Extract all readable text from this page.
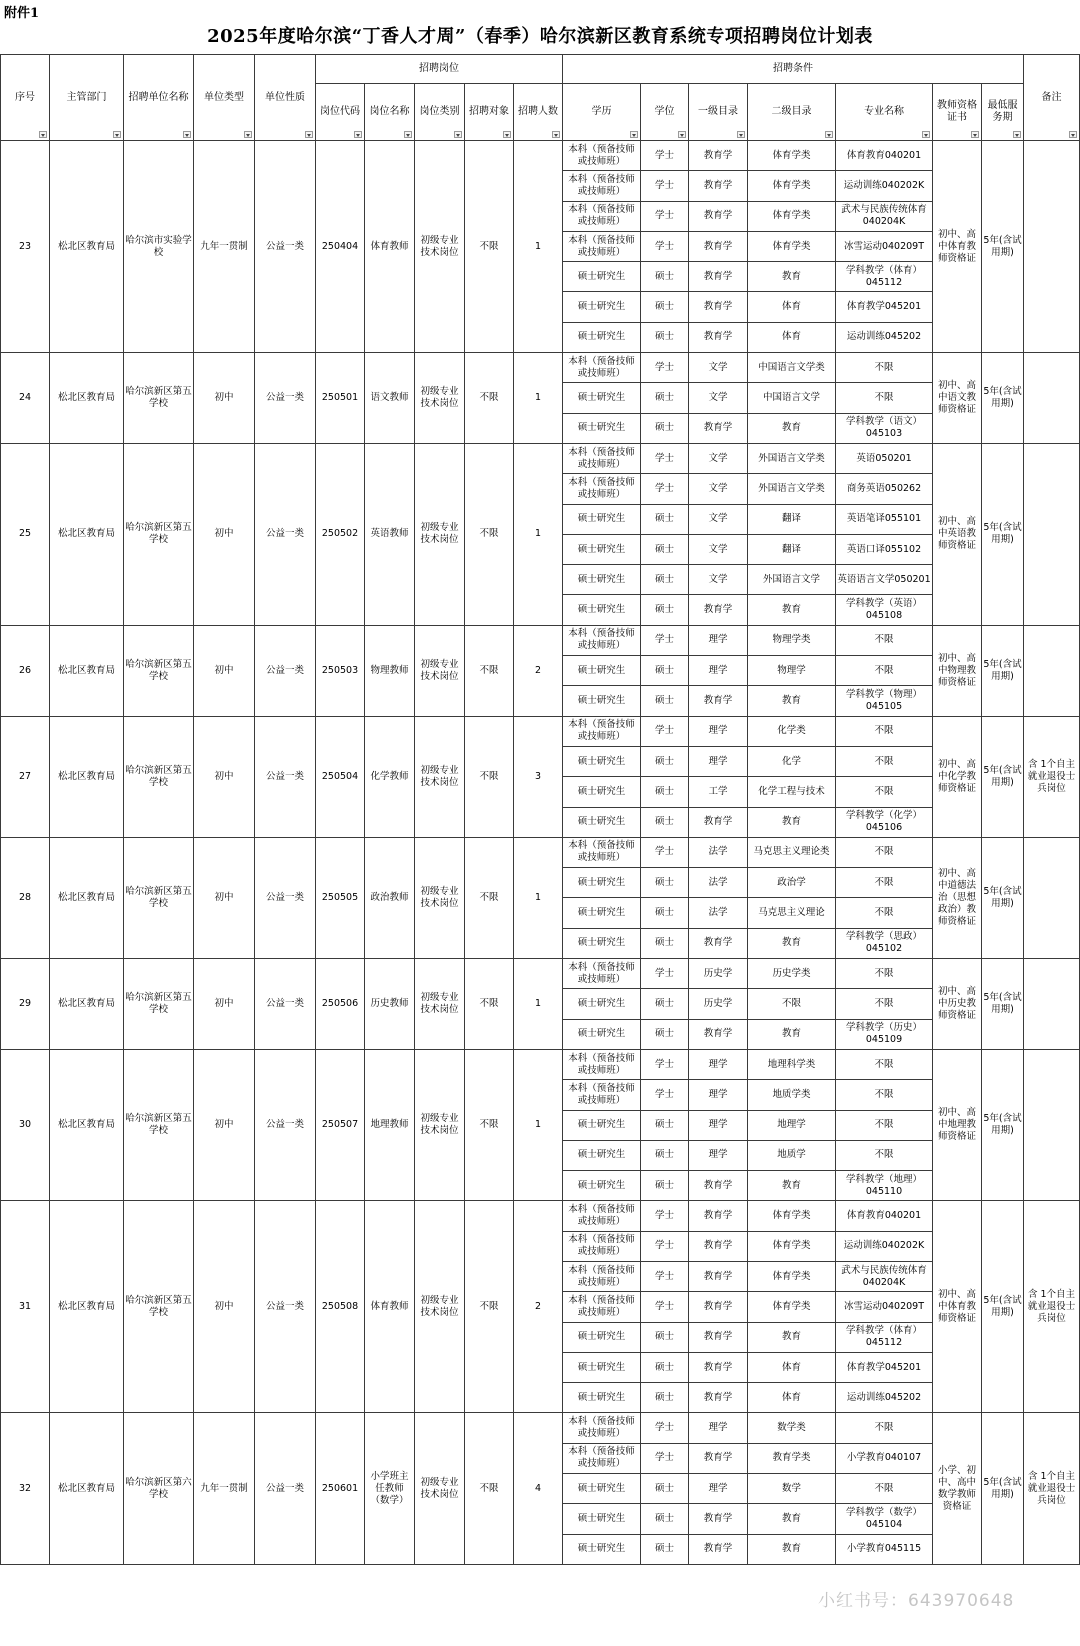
附件1
2025年度哈尔滨“丁香人才周”（春季）哈尔滨新区教育系统专项招聘岗位计划表
序号	主管部门	招聘单位名称	单位类型	单位性质	招聘岗位					招聘条件							备注

					岗位代码	岗位名称	岗位类别	招聘对象	招聘人数	学历	学位	一级目录	二级目录	专业名称	教师资格证书	最低服务期	

23	松北区教育局	哈尔滨市实验学校	九年一贯制	公益一类	250404	体育教师	初级专业技术岗位	不限	1	本科（预备技师或技师班）	学士	教育学	体育学类	体育教育040201	初中、高中体育教师资格证	5年(含试用期)	
										本科（预备技师或技师班）	学士	教育学	体育学类	运动训练040202K			
										本科（预备技师或技师班）	学士	教育学	体育学类	武术与民族传统体育040204K			
										本科（预备技师或技师班）	学士	教育学	体育学类	冰雪运动040209T			
										硕士研究生	硕士	教育学	教育	学科教学（体育）045112			
										硕士研究生	硕士	教育学	体育	体育教学045201			
										硕士研究生	硕士	教育学	体育	运动训练045202			
24	松北区教育局	哈尔滨新区第五学校	初中	公益一类	250501	语文教师	初级专业技术岗位	不限	1	本科（预备技师或技师班）	学士	文学	中国语言文学类	不限	初中、高中语文教师资格证	5年(含试用期)	
										硕士研究生	硕士	文学	中国语言文学	不限			
										硕士研究生	硕士	教育学	教育	学科教学（语文）045103			
25	松北区教育局	哈尔滨新区第五学校	初中	公益一类	250502	英语教师	初级专业技术岗位	不限	1	本科（预备技师或技师班）	学士	文学	外国语言文学类	英语050201	初中、高中英语教师资格证	5年(含试用期)	
										本科（预备技师或技师班）	学士	文学	外国语言文学类	商务英语050262			
										硕士研究生	硕士	文学	翻译	英语笔译055101			
										硕士研究生	硕士	文学	翻译	英语口译055102			
										硕士研究生	硕士	文学	外国语言文学	英语语言文学050201			
										硕士研究生	硕士	教育学	教育	学科教学（英语）045108			
26	松北区教育局	哈尔滨新区第五学校	初中	公益一类	250503	物理教师	初级专业技术岗位	不限	2	本科（预备技师或技师班）	学士	理学	物理学类	不限	初中、高中物理教师资格证	5年(含试用期)	
										硕士研究生	硕士	理学	物理学	不限			
										硕士研究生	硕士	教育学	教育	学科教学（物理）045105			
27	松北区教育局	哈尔滨新区第五学校	初中	公益一类	250504	化学教师	初级专业技术岗位	不限	3	本科（预备技师或技师班）	学士	理学	化学类	不限	初中、高中化学教师资格证	5年(含试用期)	含 1个自主就业退役士兵岗位
										硕士研究生	硕士	理学	化学	不限			
										硕士研究生	硕士	工学	化学工程与技术	不限			
										硕士研究生	硕士	教育学	教育	学科教学（化学）045106			
28	松北区教育局	哈尔滨新区第五学校	初中	公益一类	250505	政治教师	初级专业技术岗位	不限	1	本科（预备技师或技师班）	学士	法学	马克思主义理论类	不限	初中、高中道德法治（思想政治）教师资格证	5年(含试用期)	
										硕士研究生	硕士	法学	政治学	不限			
										硕士研究生	硕士	法学	马克思主义理论	不限			
										硕士研究生	硕士	教育学	教育	学科教学（思政）045102			
29	松北区教育局	哈尔滨新区第五学校	初中	公益一类	250506	历史教师	初级专业技术岗位	不限	1	本科（预备技师或技师班）	学士	历史学	历史学类	不限	初中、高中历史教师资格证	5年(含试用期)	
										硕士研究生	硕士	历史学	不限	不限			
										硕士研究生	硕士	教育学	教育	学科教学（历史）045109			
30	松北区教育局	哈尔滨新区第五学校	初中	公益一类	250507	地理教师	初级专业技术岗位	不限	1	本科（预备技师或技师班）	学士	理学	地理科学类	不限	初中、高中地理教师资格证	5年(含试用期)	
										本科（预备技师或技师班）	学士	理学	地质学类	不限			
										硕士研究生	硕士	理学	地理学	不限			
										硕士研究生	硕士	理学	地质学	不限			
										硕士研究生	硕士	教育学	教育	学科教学（地理）045110			
31	松北区教育局	哈尔滨新区第五学校	初中	公益一类	250508	体育教师	初级专业技术岗位	不限	2	本科（预备技师或技师班）	学士	教育学	体育学类	体育教育040201	初中、高中体育教师资格证	5年(含试用期)	含 1个自主就业退役士兵岗位
										本科（预备技师或技师班）	学士	教育学	体育学类	运动训练040202K			
										本科（预备技师或技师班）	学士	教育学	体育学类	武术与民族传统体育040204K			
										本科（预备技师或技师班）	学士	教育学	体育学类	冰雪运动040209T			
										硕士研究生	硕士	教育学	教育	学科教学（体育）045112			
										硕士研究生	硕士	教育学	体育	体育教学045201			
										硕士研究生	硕士	教育学	体育	运动训练045202			
32	松北区教育局	哈尔滨新区第六学校	九年一贯制	公益一类	250601	小学班主任教师（数学）	初级专业技术岗位	不限	4	本科（预备技师或技师班）	学士	理学	数学类	不限	小学、初中、高中数学教师资格证	5年(含试用期)	含 1个自主就业退役士兵岗位
										本科（预备技师或技师班）	学士	教育学	教育学类	小学教育040107			
										硕士研究生	硕士	理学	数学	不限			
										硕士研究生	硕士	教育学	教育	学科教学（数学）045104			
										硕士研究生	硕士	教育学	教育	小学教育045115			
小红书号：643970648
